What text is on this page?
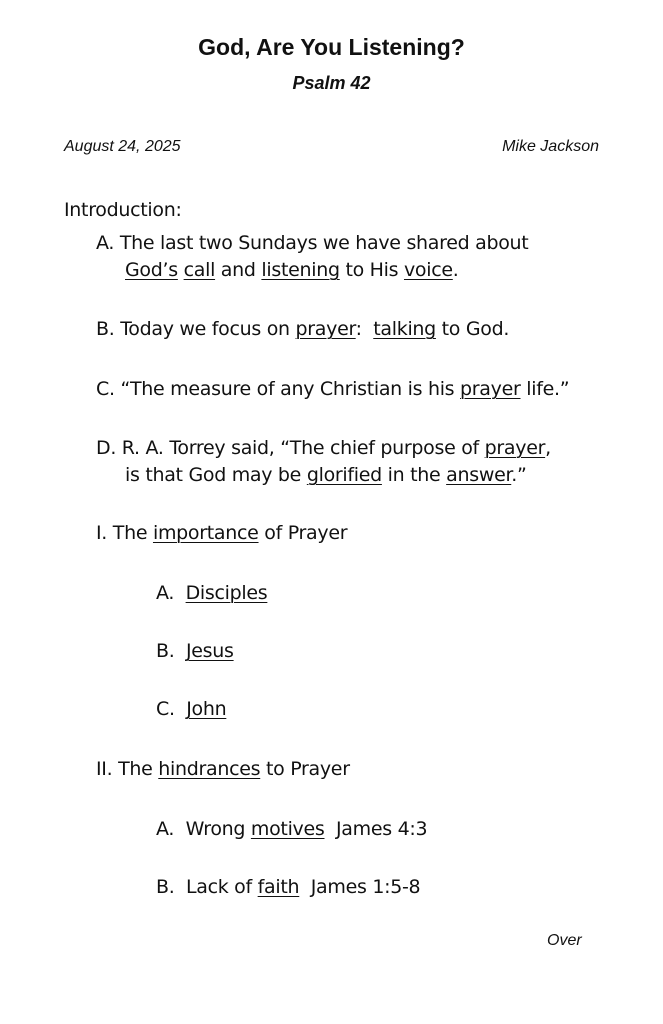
God, Are You Listening?
Psalm 42
August 24, 2025	Mike Jackson
Introduction:
A. The last two Sundays we have shared about
God’s call and listening to His voice.
B. Today we focus on prayer:  talking to God.
C. “The measure of any Christian is his prayer life.”
D. R. A. Torrey said, “The chief purpose of prayer,
is that God may be glorified in the answer.”
I. The importance of Prayer
A. Disciples
B. Jesus
C. John
II. The hindrances to Prayer
A. Wrong motives James 4:3
B. Lack of faith James 1:5-8
Over
